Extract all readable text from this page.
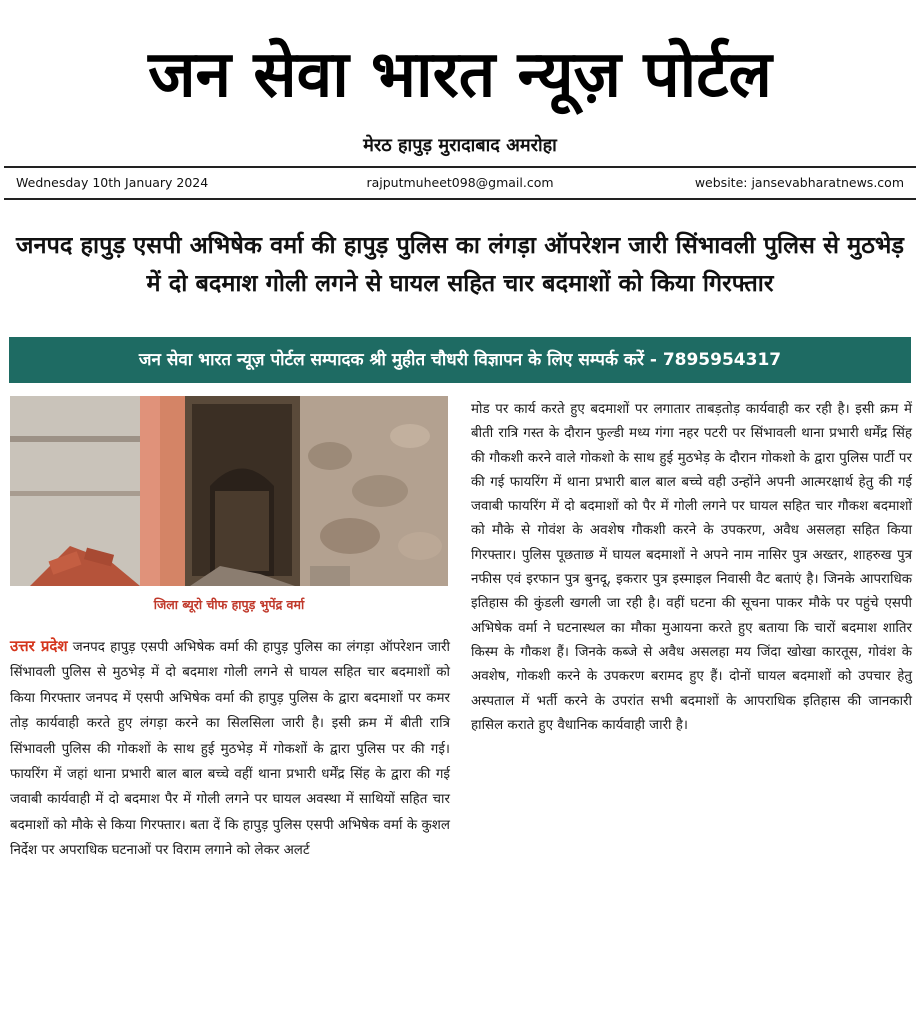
जन सेवा भारत न्यूज़ पोर्टल
मेरठ हापुड़ मुरादाबाद अमरोहा
Wednesday 10th January 2024	rajputmuheet098@gmail.com	website: jansevabharatnews.com
जनपद हापुड़ एसपी अभिषेक वर्मा की हापुड़ पुलिस का लंगड़ा ऑपरेशन जारी सिंभावली पुलिस से मुठभेड़ में दो बदमाश गोली लगने से घायल सहित चार बदमाशों को किया गिरफ्तार
जन सेवा भारत न्यूज़ पोर्टल सम्पादक श्री मुहीत चौधरी विज्ञापन के लिए सम्पर्क करें - 7895954317
जिला ब्यूरो चीफ हापुड़ भुपेंद्र वर्मा
उत्तर प्रदेश जनपद हापुड़ एसपी अभिषेक वर्मा की हापुड़ पुलिस का लंगड़ा ऑपरेशन जारी सिंभावली पुलिस से मुठभेड़ में दो बदमाश गोली लगने से घायल सहित चार बदमाशों को किया गिरफ्तार जनपद में एसपी अभिषेक वर्मा की हापुड़ पुलिस के द्वारा बदमाशों पर कमर तोड़ कार्यवाही करते हुए लंगड़ा करने का सिलसिला जारी है। इसी क्रम में बीती रात्रि सिंभावली पुलिस की गोकशों के साथ हुई मुठभेड़ में गोकशों के द्वारा पुलिस पर की गई। फायरिंग में जहां थाना प्रभारी बाल बाल बच्चे वहीं थाना प्रभारी धर्मेंद्र सिंह के द्वारा की गई जवाबी कार्यवाही में दो बदमाश पैर में गोली लगने पर घायल अवस्था में साथियों सहित चार बदमाशों को मौके से किया गिरफ्तार। बता दें कि हापुड़ पुलिस एसपी अभिषेक वर्मा के कुशल निर्देश पर अपराधिक घटनाओं पर विराम लगाने को लेकर अलर्ट
मोड पर कार्य करते हुए बदमाशों पर लगातार ताबड़तोड़ कार्यवाही कर रही है। इसी क्रम में बीती रात्रि गस्त के दौरान फुल्डी मध्य गंगा नहर पटरी पर सिंभावली थाना प्रभारी धर्मेंद्र सिंह की गौकशी करने वाले गोकशो के साथ हुई मुठभेड़ के दौरान गोकशो के द्वारा पुलिस पार्टी पर की गई फायरिंग में थाना प्रभारी बाल बाल बच्चे वही उन्होंने अपनी आत्मरक्षार्थ हेतु की गई जवाबी फायरिंग में दो बदमाशों को पैर में गोली लगने पर घायल सहित चार गौकश बदमाशों को मौके से गोवंश के अवशेष गौकशी करने के उपकरण, अवैध असलहा सहित किया गिरफ्तार। पुलिस पूछताछ में घायल बदमाशों ने अपने नाम नासिर पुत्र अख्तर, शाहरुख पुत्र नफीस एवं इरफान पुत्र बुनदू, इकरार पुत्र इस्माइल निवासी वैट बताएं है। जिनके आपराधिक इतिहास की कुंडली खगली जा रही है। वहीं घटना की सूचना पाकर मौके पर पहुंचे एसपी अभिषेक वर्मा ने घटनास्थल का मौका मुआयना करते हुए बताया कि चारों बदमाश शातिर किस्म के गौकश हैं। जिनके कब्जे से अवैध असलहा मय जिंदा खोखा कारतूस, गोवंश के अवशेष, गोकशी करने के उपकरण बरामद हुए हैं। दोनों घायल बदमाशों को उपचार हेतु अस्पताल में भर्ती करने के उपरांत सभी बदमाशों के आपराधिक इतिहास की जानकारी हासिल कराते हुए वैधानिक कार्यवाही जारी है।
